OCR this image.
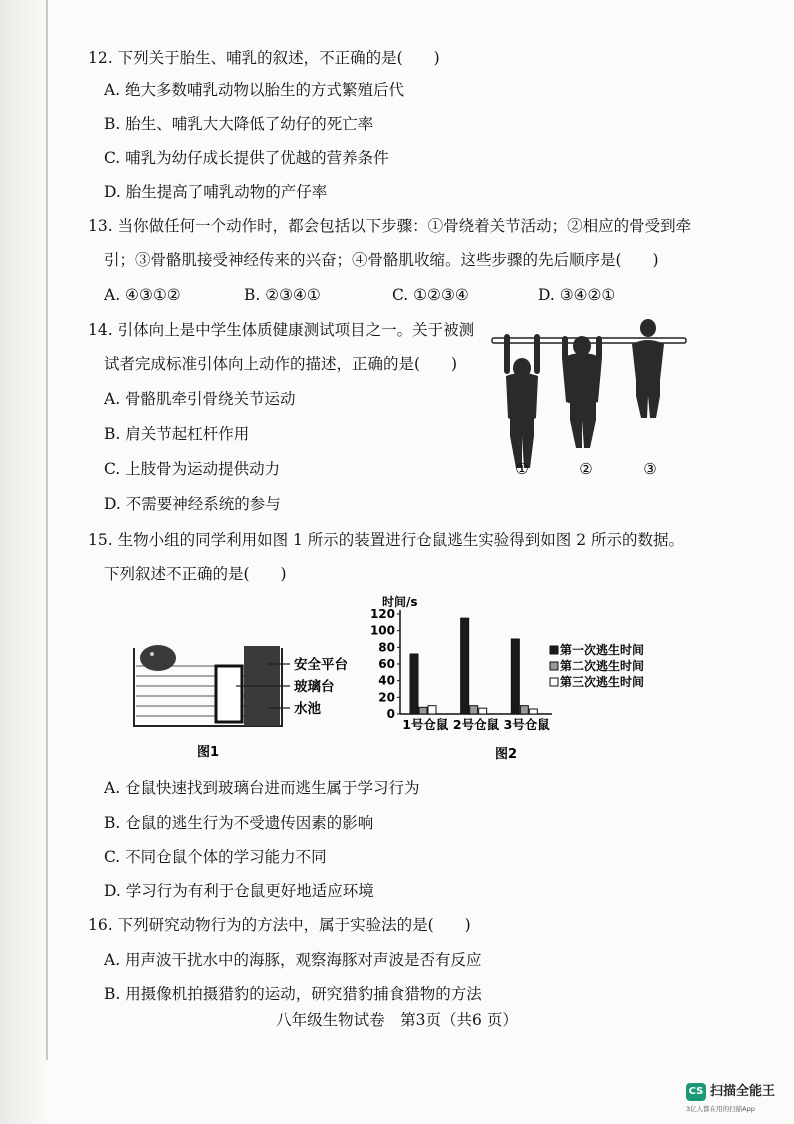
12. 下列关于胎生、哺乳的叙述，不正确的是(　　)
A. 绝大多数哺乳动物以胎生的方式繁殖后代
B. 胎生、哺乳大大降低了幼仔的死亡率
C. 哺乳为幼仔成长提供了优越的营养条件
D. 胎生提高了哺乳动物的产仔率
13. 当你做任何一个动作时，都会包括以下步骤：①骨绕着关节活动；②相应的骨受到牵
引；③骨骼肌接受神经传来的兴奋；④骨骼肌收缩。这些步骤的先后顺序是(　　)
A. ④③①②	B. ②③④①	C. ①②③④	D. ③④②①
14. 引体向上是中学生体质健康测试项目之一。关于被测
试者完成标准引体向上动作的描述，正确的是(　　)
A. 骨骼肌牵引骨绕关节运动
B. 肩关节起杠杆作用
C. 上肢骨为运动提供动力
D. 不需要神经系统的参与
①	②	③
15. 生物小组的同学利用如图 1 所示的装置进行仓鼠逃生实验得到如图 2 所示的数据。
下列叙述不正确的是(　　)
安全平台
玻璃台
水池
图1
时间/s
0
20
40
60
80
100
120
1号仓鼠 2号仓鼠 3号仓鼠
第一次逃生时间
第二次逃生时间
第三次逃生时间
图2
A. 仓鼠快速找到玻璃台进而逃生属于学习行为
B. 仓鼠的逃生行为不受遗传因素的影响
C. 不同仓鼠个体的学习能力不同
D. 学习行为有利于仓鼠更好地适应环境
16. 下列研究动物行为的方法中，属于实验法的是(　　)
A. 用声波干扰水中的海豚，观察海豚对声波是否有反应
B. 用摄像机拍摄猎豹的运动，研究猎豹捕食猎物的方法
八年级生物试卷　第3页（共6 页）
CS 扫描全能王
3亿人都在用的扫描App
